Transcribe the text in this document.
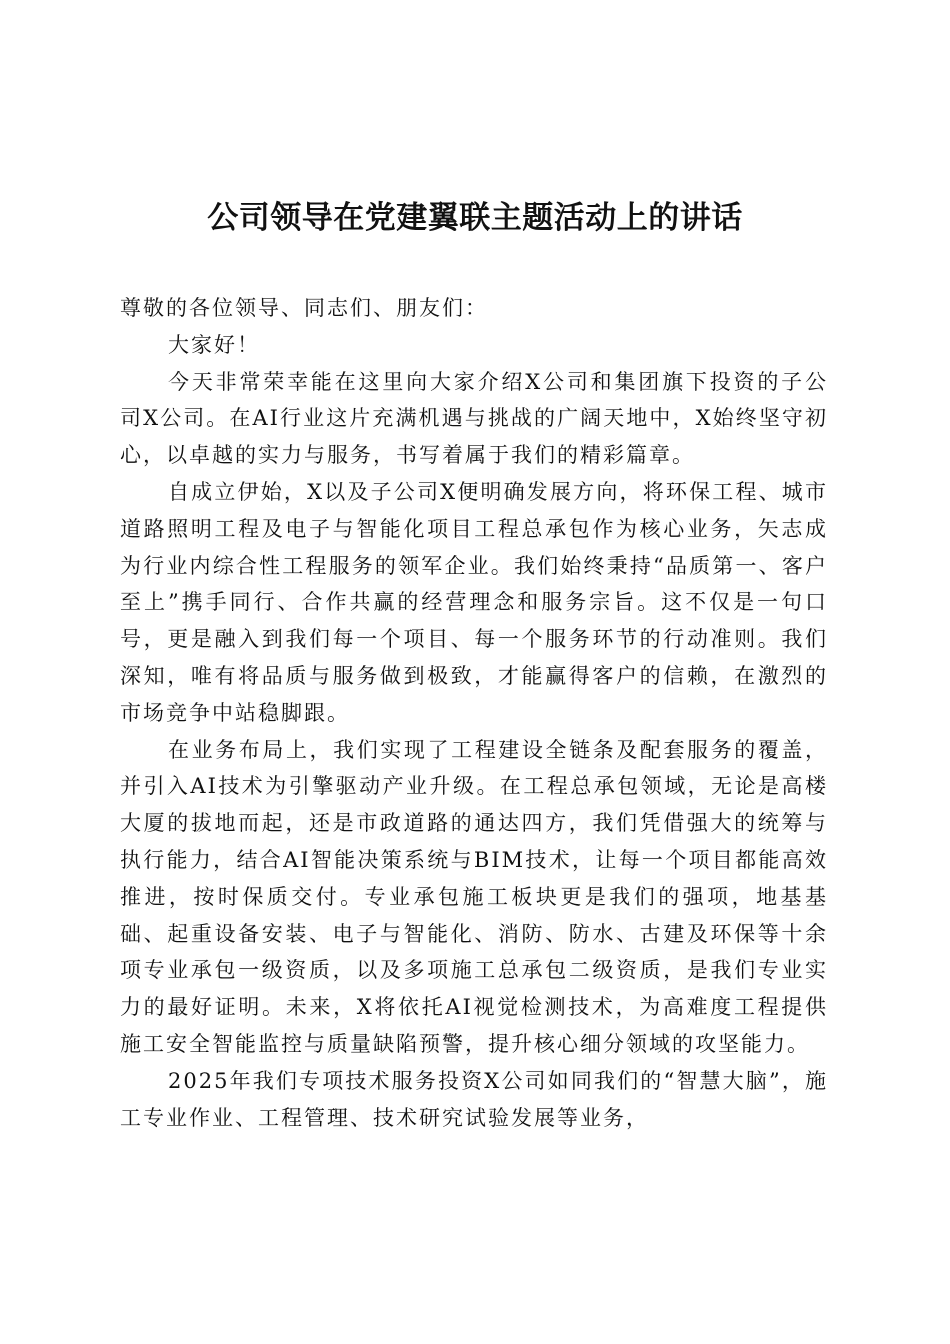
公司领导在党建翼联主题活动上的讲话

尊敬的各位领导、同志们、朋友们：

大家好！

今天非常荣幸能在这里向大家介绍X公司和集团旗下投资的子公司X公司。在AI行业这片充满机遇与挑战的广阔天地中，X始终坚守初心，以卓越的实力与服务，书写着属于我们的精彩篇章。

自成立伊始，X以及子公司X便明确发展方向，将环保工程、城市道路照明工程及电子与智能化项目工程总承包作为核心业务，矢志成为行业内综合性工程服务的领军企业。我们始终秉持“品质第一、客户至上”携手同行、合作共赢的经营理念和服务宗旨。这不仅是一句口号，更是融入到我们每一个项目、每一个服务环节的行动准则。我们深知，唯有将品质与服务做到极致，才能赢得客户的信赖，在激烈的市场竞争中站稳脚跟。

在业务布局上，我们实现了工程建设全链条及配套服务的覆盖，并引入AI技术为引擎驱动产业升级。在工程总承包领域，无论是高楼大厦的拔地而起，还是市政道路的通达四方，我们凭借强大的统筹与执行能力，结合AI智能决策系统与BIM技术，让每一个项目都能高效推进，按时保质交付。专业承包施工板块更是我们的强项，地基基础、起重设备安装、电子与智能化、消防、防水、古建及环保等十余项专业承包一级资质，以及多项施工总承包二级资质，是我们专业实力的最好证明。未来，X将依托AI视觉检测技术，为高难度工程提供施工安全智能监控与质量缺陷预警，提升核心细分领域的攻坚能力。

2025年我们专项技术服务投资X公司如同我们的“智慧大脑”，施工专业作业、工程管理、技术研究试验发展等业务，
